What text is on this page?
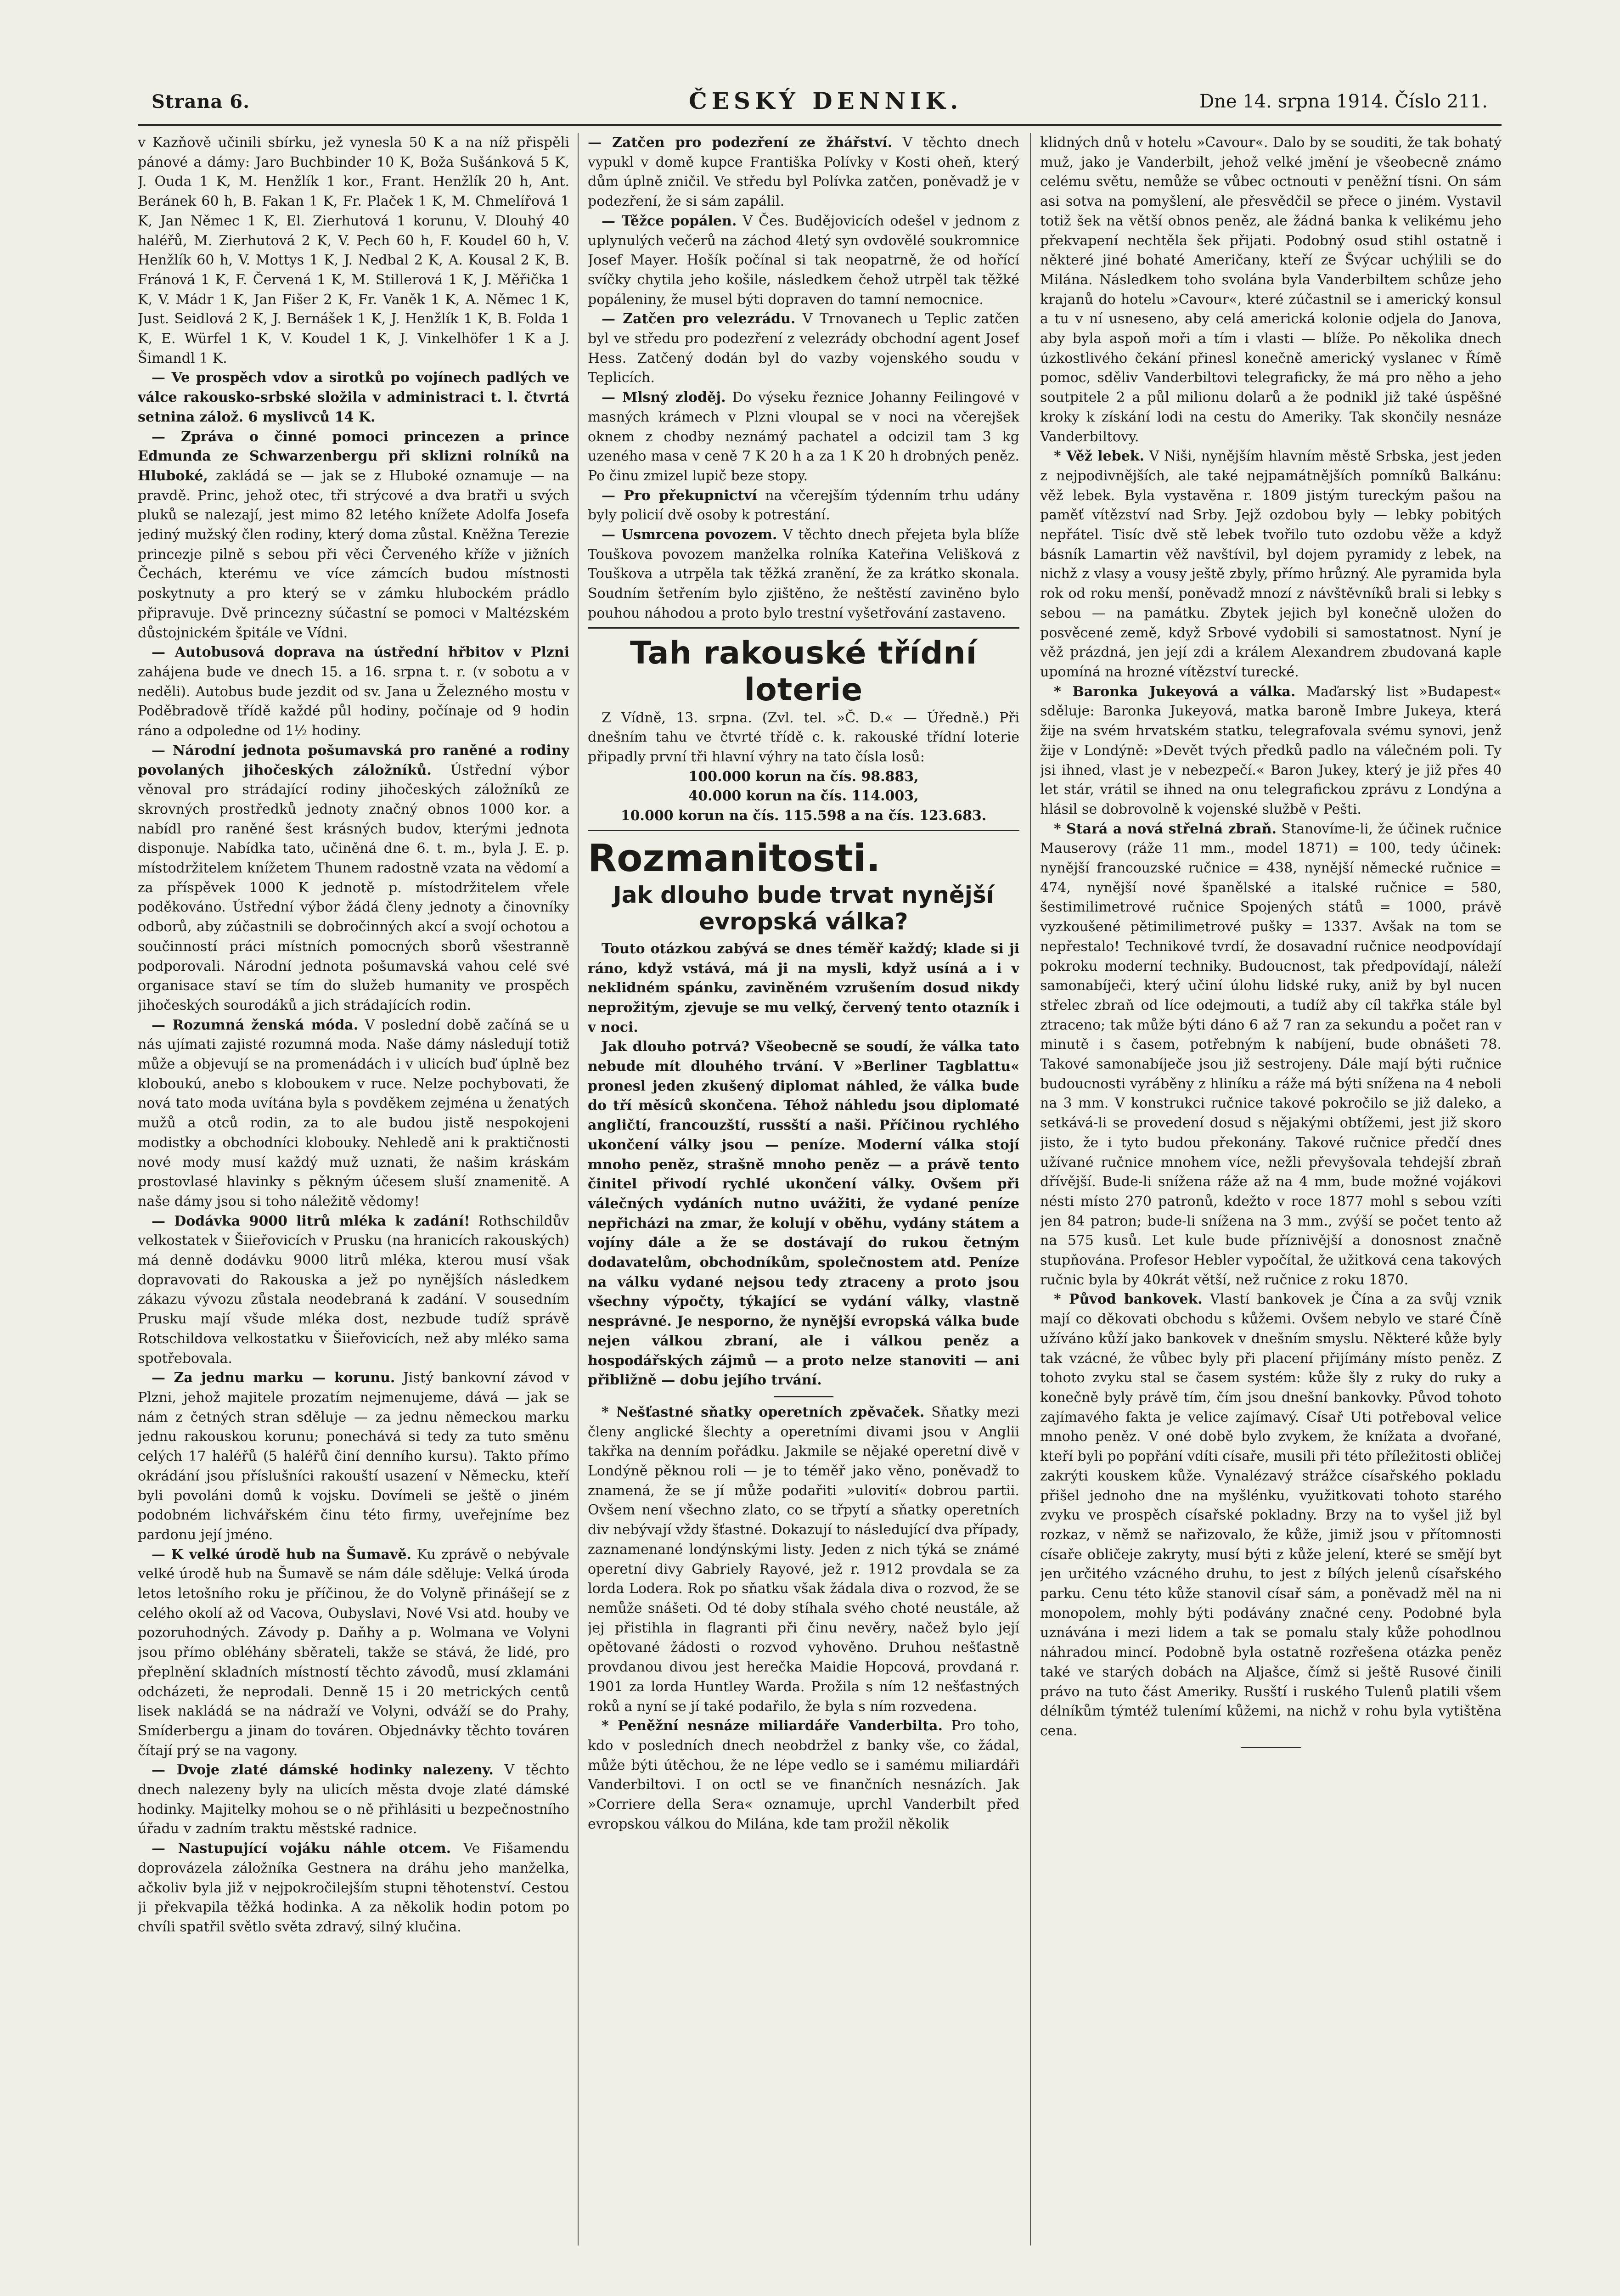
Strana 6.	ČESKÝ DENNIK.	Dne 14. srpna 1914. Číslo 211.

v Kazňově učinili sbírku, jež vynesla 50 K a na níž přispěli pánové a dámy: Jaro Buchbinder 10 K, Boža Sušánková 5 K, J. Ouda 1 K, M. Henžlík 1 kor., Frant. Henžlík 20 h, Ant. Beránek 60 h, B. Fakan 1 K, Fr. Plaček 1 K, M. Chmelířová 1 K, Jan Němec 1 K, El. Zierhutová 1 korunu, V. Dlouhý 40 haléřů, M. Zierhutová 2 K, V. Pech 60 h, F. Koudel 60 h, V. Henžlík 60 h, V. Mottys 1 K, J. Nedbal 2 K, A. Kousal 2 K, B. Fránová 1 K, F. Červená 1 K, M. Stillerová 1 K, J. Měřička 1 K, V. Mádr 1 K, Jan Fišer 2 K, Fr. Vaněk 1 K, A. Němec 1 K, Just. Seidlová 2 K, J. Bernášek 1 K, J. Henžlík 1 K, B. Folda 1 K, E. Würfel 1 K, V. Koudel 1 K, J. Vinkelhöfer 1 K a J. Šimandl 1 K.

— Ve prospěch vdov a sirotků po vojínech padlých ve válce rakousko-srbské složila v administraci t. l. čtvrtá setnina zálož. 6 myslivců 14 K.

— Zpráva o činné pomoci princezen a prince Edmunda ze Schwarzenbergu při sklizni rolníků na Hluboké, zakládá se — jak se z Hluboké oznamuje — na pravdě. Princ, jehož otec, tři strýcové a dva bratři u svých pluků se nalezají, jest mimo 82 letého knížete Adolfa Josefa jediný mužský člen rodiny, který doma zůstal. Kněžna Terezie princezje pilně s sebou při věci Červeného kříže v jižních Čechách, kterému ve více zámcích budou místnosti poskytnuty a pro který se v zámku hlubockém prádlo připravuje. Dvě princezny súčastní se pomoci v Maltézském důstojnickém špitále ve Vídni.

— Autobusová doprava na ústřední hřbitov v Plzni zahájena bude ve dnech 15. a 16. srpna t. r. (v sobotu a v neděli). Autobus bude jezdit od sv. Jana u Železného mostu v Poděbradově třídě každé půl hodiny, počínaje od 9 hodin ráno a odpoledne od 1½ hodiny.

— Národní jednota pošumavská pro raněné a rodiny povolaných jihočeských záložníků. Ústřední výbor věnoval pro strádající rodiny jihočeských záložníků ze skrovných prostředků jednoty značný obnos 1000 kor. a nabídl pro raněné šest krásných budov, kterými jednota disponuje. Nabídka tato, učiněná dne 6. t. m., byla J. E. p. místodržitelem knížetem Thunem radostně vzata na vědomí a za příspěvek 1000 K jednotě p. místodržitelem vřele poděkováno. Ústřední výbor žádá členy jednoty a činovníky odborů, aby zúčastnili se dobročinných akcí a svojí ochotou a součinností práci místních pomocných sborů všestranně podporovali. Národní jednota pošumavská vahou celé své organisace staví se tím do služeb humanity ve prospěch jihočeských sourodáků a jich strádajících rodin.

— Rozumná ženská móda. V poslední době začíná se u nás ujímati zajisté rozumná moda. Naše dámy následují totiž může a objevují se na promenádách i v ulicích buď úplně bez kloboukú, anebo s kloboukem v ruce. Nelze pochybovati, že nová tato moda uvítána byla s povděkem zejména u ženatých mužů a otců rodin, za to ale budou jistě nespokojeni modistky a obchodníci klobouky. Nehledě ani k praktičnosti nové mody musí každý muž uznati, že našim kráskám prostovlasé hlavinky s pěkným účesem sluší znamenitě. A naše dámy jsou si toho náležitě vědomy!

— Dodávka 9000 litrů mléka k zadání! Rothschildův velkostatek v Šiieřovicích v Prusku (na hranicích rakouských) má denně dodávku 9000 litrů mléka, kterou musí však dopravovati do Rakouska a jež po nynějších následkem zákazu vývozu zůstala neodebraná k zadání. V sousedním Prusku mají všude mléka dost, nezbude tudíž správě Rotschildova velkostatku v Šiieřovicích, než aby mléko sama spotřebovala.

— Za jednu marku — korunu. Jistý bankovní závod v Plzni, jehož majitele prozatím nejmenujeme, dává — jak se nám z četných stran sděluje — za jednu německou marku jednu rakouskou korunu; ponechává si tedy za tuto směnu celých 17 haléřů (5 haléřů činí denního kursu). Takto přímo okrádání jsou příslušníci rakouští usazení v Německu, kteří byli povoláni domů k vojsku. Dovímeli se ještě o jiném podobném lichvářském činu této firmy, uveřejníme bez pardonu její jméno.

— K velké úrodě hub na Šumavě. Ku zprávě o nebývale velké úrodě hub na Šumavě se nám dále sděluje: Velká úroda letos letošního roku je příčinou, že do Volyně přinášejí se z celého okolí až od Vacova, Oubyslavi, Nové Vsi atd. houby ve pozoruhodných. Závody p. Daňhy a p. Wolmana ve Volyni jsou přímo obléhány sběrateli, takže se stává, že lidé, pro přeplnění skladních místností těchto závodů, musí zklamáni odcházeti, že neprodali. Denně 15 i 20 metrických centů lisek nakládá se na nádraží ve Volyni, odváží se do Prahy, Smíderbergu a jinam do továren. Objednávky těchto továren čítají prý se na vagony.

— Dvoje zlaté dámské hodinky nalezeny. V těchto dnech nalezeny byly na ulicích města dvoje zlaté dámské hodinky. Majitelky mohou se o ně přihlásiti u bezpečnostního úřadu v zadním traktu městské radnice.

— Nastupující vojáku náhle otcem. Ve Fišamendu doprovázela záložníka Gestnera na dráhu jeho manželka, ačkoliv byla již v nejpokročilejším stupni těhotenství. Cestou ji překvapila těžká hodinka. A za několik hodin potom po chvíli spatřil světlo světa zdravý, silný klučina.

— Zatčen pro podezření ze žhářství. V těchto dnech vypukl v domě kupce Františka Polívky v Kosti oheň, který dům úplně zničil. Ve středu byl Polívka zatčen, poněvadž je v podezření, že si sám zapálil.

— Těžce popálen. V Čes. Budějovicích odešel v jednom z uplynulých večerů na záchod 4letý syn ovdovělé soukromnice Josef Mayer. Hošík počínal si tak neopatrně, že od hořící svíčky chytila jeho košile, následkem čehož utrpěl tak těžké popáleniny, že musel býti dopraven do tamní nemocnice.

— Zatčen pro velezrádu. V Trnovanech u Teplic zatčen byl ve středu pro podezření z velezrády obchodní agent Josef Hess. Zatčený dodán byl do vazby vojenského soudu v Teplicích.

— Mlsný zloděj. Do výseku řeznice Johanny Feilingové v masných krámech v Plzni vloupal se v noci na včerejšek oknem z chodby neznámý pachatel a odcizil tam 3 kg uzeného masa v ceně 7 K 20 h a za 1 K 20 h drobných peněz. Po činu zmizel lupič beze stopy.

— Pro překupnictví na včerejším týdenním trhu udány byly policií dvě osoby k potrestání.

— Usmrcena povozem. V těchto dnech přejeta byla blíže Touškova povozem manželka rolníka Kateřina Velišková z Touškova a utrpěla tak těžká zranění, že za krátko skonala. Soudním šetřením bylo zjištěno, že neštěstí zaviněno bylo pouhou náhodou a proto bylo trestní vyšetřování zastaveno.

Tah rakouské třídní loterie
Z Vídně, 13. srpna. (Zvl. tel. »Č. D.« — Úředně.) Při dnešním tahu ve čtvrté třídě c. k. rakouské třídní loterie připadly první tři hlavní výhry na tato čísla losů:
100.000 korun na čís. 98.883,
40.000 korun na čís. 114.003,
10.000 korun na čís. 115.598 a na čís. 123.683.
Rozmanitosti.
Jak dlouho bude trvat nynější evropská válka?

Touto otázkou zabývá se dnes téměř každý; klade si ji ráno, když vstává, má ji na mysli, když usíná a i v neklidném spánku, zaviněném vzrušením dosud nikdy neprožitým, zjevuje se mu velký, červený tento otazník i v noci.

Jak dlouho potrvá? Všeobecně se soudí, že válka tato nebude mít dlouhého trvání. V »Berliner Tagblattu« pronesl jeden zkušený diplomat náhled, že válka bude do tří měsíců skončena. Téhož náhledu jsou diplomaté angličtí, francouzští, russští a naši. Příčinou rychlého ukončení války jsou — peníze. Moderní válka stojí mnoho peněz, strašně mnoho peněz — a právě tento činitel přivodí rychlé ukončení války. Ovšem při válečných vydáních nutno uvážiti, že vydané peníze nepřicházi na zmar, že kolují v oběhu, vydány státem a vojíny dále a že se dostávají do rukou četným dodavatelům, obchodníkům, společnostem atd. Peníze na válku vydané nejsou tedy ztraceny a proto jsou všechny výpočty, týkající se vydání války, vlastně nesprávné. Je nesporno, že nynější evropská válka bude nejen válkou zbraní, ale i válkou peněz a hospodářských zájmů — a proto nelze stanoviti — ani přibližně — dobu jejího trvání.

* Nešťastné sňatky operetních zpěvaček. Sňatky mezi členy anglické šlechty a operetními divami jsou v Anglii takřka na denním pořádku. Jakmile se nějaké operetní divě v Londýně pěknou roli — je to téměř jako věno, poněvadž to znamená, že se jí může podařiti »ulovití« dobrou partii. Ovšem není všechno zlato, co se třpytí a sňatky operetních div nebývají vždy šťastné. Dokazují to následující dva případy, zaznamenané londýnskými listy. Jeden z nich týká se známé operetní divy Gabriely Rayové, jež r. 1912 provdala se za lorda Lodera. Rok po sňatku však žádala diva o rozvod, že se nemůže snášeti. Od té doby stíhala svého choté neustále, až jej přistihla in flagranti při činu nevěry, načež bylo její opětované žádosti o rozvod vyhověno. Druhou nešťastně provdanou divou jest herečka Maidie Hopcová, provdaná r. 1901 za lorda Huntley Warda. Prožila s ním 12 nešťastných roků a nyní se jí také podařilo, že byla s ním rozvedena.

* Peněžní nesnáze miliardáře Vanderbilta. Pro toho, kdo v posledních dnech neobdržel z banky vše, co žádal, může býti útěchou, že ne lépe vedlo se i samému miliardáři Vanderbiltovi. I on octl se ve finančních nesnázích. Jak »Corriere della Sera« oznamuje, uprchl Vanderbilt před evropskou válkou do Milána, kde tam prožil několik

klidných dnů v hotelu »Cavour«. Dalo by se souditi, že tak bohatý muž, jako je Vanderbilt, jehož velké jmění je všeobecně známo celému světu, nemůže se vůbec octnouti v peněžní tísni. On sám asi sotva na pomyšlení, ale přesvědčil se přece o jiném. Vystavil totiž šek na větší obnos peněz, ale žádná banka k velikému jeho překvapení nechtěla šek přijati. Podobný osud stihl ostatně i některé jiné bohaté Američany, kteří ze Švýcar uchýlili se do Milána. Následkem toho svolána byla Vanderbiltem schůze jeho krajanů do hotelu »Cavour«, které zúčastnil se i americký konsul a tu v ní usneseno, aby celá americká kolonie odjela do Janova, aby byla aspoň moři a tím i vlasti — blíže. Po několika dnech úzkostlivého čekání přinesl konečně americký vyslanec v Římě pomoc, sděliv Vanderbiltovi telegraficky, že má pro něho a jeho soutpitele 2 a půl milionu dolarů a že podnikl již také úspěšné kroky k získání lodi na cestu do Ameriky. Tak skončily nesnáze Vanderbiltovy.

* Věž lebek. V Niši, nynějším hlavním městě Srbska, jest jeden z nejpodivnějších, ale také nejpamátnějších pomníků Balkánu: věž lebek. Byla vystavěna r. 1809 jistým tureckým pašou na paměť vítězství nad Srby. Jejž ozdobou byly — lebky pobitých nepřátel. Tisíc dvě stě lebek tvořilo tuto ozdobu věže a když básník Lamartin věž navštívil, byl dojem pyramidy z lebek, na nichž z vlasy a vousy ještě zbyly, přímo hrůzný. Ale pyramida byla rok od roku menší, poněvadž mnozí z návštěvníků brali si lebky s sebou — na památku. Zbytek jejich byl konečně uložen do posvěcené země, když Srbové vydobili si samostatnost. Nyní je věž prázdná, jen její zdi a králem Alexandrem zbudovaná kaple upomíná na hrozné vítězství turecké.

* Baronka Jukeyová a válka. Maďarský list »Budapest« sděluje: Baronka Jukeyová, matka baroně Imbre Jukeya, která žije na svém hrvatském statku, telegrafovala svému synovi, jenž žije v Londýně: »Devět tvých předků padlo na válečném poli. Ty jsi ihned, vlast je v nebezpečí.« Baron Jukey, který je již přes 40 let stár, vrátil se ihned na onu telegrafickou zprávu z Londýna a hlásil se dobrovolně k vojenské službě v Pešti.

* Stará a nová střelná zbraň. Stanovíme-li, že účinek ručnice Mauserovy (ráže 11 mm., model 1871) = 100, tedy účinek: nynější francouzské ručnice = 438, nynější německé ručnice = 474, nynější nové španělské a italské ručnice = 580, šestimilimetrové ručnice Spojených států = 1000, právě vyzkoušené pětimilimetrové pušky = 1337. Avšak na tom se nepřestalo! Technikové tvrdí, že dosavadní ručnice neodpovídají pokroku moderní techniky. Budoucnost, tak předpovídají, náleží samonabíječi, který učiní úlohu lidské ruky, aniž by byl nucen střelec zbraň od líce odejmouti, a tudíž aby cíl takřka stále byl ztraceno; tak může býti dáno 6 až 7 ran za sekundu a počet ran v minutě i s časem, potřebným k nabíjení, bude obnášeti 78. Takové samonabíječe jsou již sestrojeny. Dále mají býti ručnice budoucnosti vyráběny z hliníku a ráže má býti snížena na 4 neboli na 3 mm. V konstrukci ručnice takové pokročilo se již daleko, a setkává-li se provedení dosud s nějakými obtížemi, jest již skoro jisto, že i tyto budou překonány. Takové ručnice předčí dnes užívané ručnice mnohem více, nežli převyšovala tehdejší zbraň dřívější. Bude-li snížena ráže až na 4 mm, bude možné vojákovi nésti místo 270 patronů, kdežto v roce 1877 mohl s sebou vzíti jen 84 patron; bude-li snížena na 3 mm., zvýší se počet tento až na 575 kusů. Let kule bude příznivější a donosnost značně stupňována. Profesor Hebler vypočítal, že užitková cena takových ručnic byla by 40krát větší, než ručnice z roku 1870.

* Původ bankovek. Vlastí bankovek je Čína a za svůj vznik mají co děkovati obchodu s kůžemi. Ovšem nebylo ve staré Číně užíváno kůží jako bankovek v dnešním smyslu. Některé kůže byly tak vzácné, že vůbec byly při placení přijímány místo peněz. Z tohoto zvyku stal se časem systém: kůže šly z ruky do ruky a konečně byly právě tím, čím jsou dnešní bankovky. Původ tohoto zajímavého fakta je velice zajímavý. Císař Uti potřeboval velice mnoho peněz. V oné době bylo zvykem, že knížata a dvořané, kteří byli po popřání vdíti císaře, musili při této příležitosti obličej zakrýti kouskem kůže. Vynalézavý strážce císařského pokladu přišel jednoho dne na myšlénku, využitkovati tohoto starého zvyku ve prospěch císařské pokladny. Brzy na to vyšel již byl rozkaz, v němž se nařizovalo, že kůže, jimiž jsou v přítomnosti císaře obličeje zakryty, musí býti z kůže jelení, které se smějí byt jen určitého vzácného druhu, to jest z bílých jelenů císařského parku. Cenu této kůže stanovil císař sám, a poněvadž měl na ni monopolem, mohly býti podávány značné ceny. Podobné byla uznávána i mezi lidem a tak se pomalu staly kůže pohodlnou náhradou mincí. Podobně byla ostatně rozřešena otázka peněz také ve starých dobách na Aljašce, čímž si ještě Rusové činili právo na tuto část Ameriky. Rusští i ruského Tulenů platili všem délníkům týmtéž tulenímí kůžemi, na nichž v rohu byla vytištěna cena.
